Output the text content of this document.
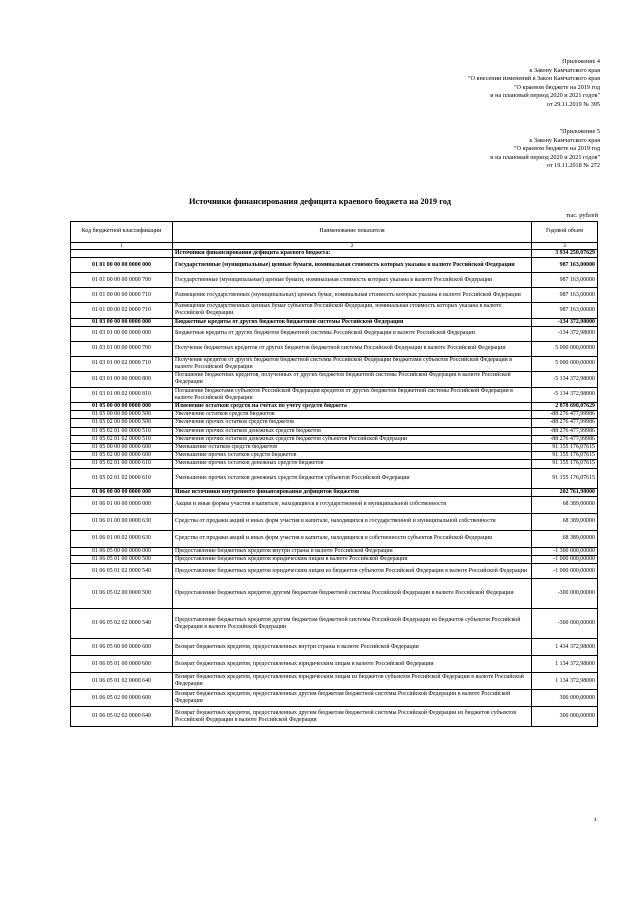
Приложение 4
к Закону Камчатского края
"О внесении изменений в Закон Камчатского края
"О краевом бюджете на 2019 год
и на плановый период 2020 и 2021 годов"
от 29.11.2019 № 395
"Приложение 5
к Закону Камчатского края
"О краевом бюджете на 2019 год
и на плановый период 2020 и 2021 годов"
от 19.11.2018 № 272
Источники финансирования дефицита краевого бюджета на 2019 год
тыс. рублей
Код бюджетной классификации	Наименование показателя	Годовой объем
1	2	3
	Источники финансирования дефицита краевого бюджета:	3 934 250,07629
01 01 00 00 00 0000 000	Государственные (муниципальные) ценные бумаги, номинальная стоимость которых указана в валюте Российской Федерации	987 163,00000
01 01 00 00 00 0000 700	Государственные (муниципальные) ценные бумаги, номинальная стоимость которых указана в валюте Российской Федерации	987 163,00000
01 01 00 00 00 0000 710	Размещение государственных (муниципальных) ценных бумаг, номинальная стоимость которых указана в валюте Российской Федерации	987 163,00000
01 01 00 00 02 0000 710	Размещение государственных ценных бумаг субъектов Российской Федерации, номинальная стоимость которых указана в валюте Российской Федерации	987 163,00000
01 03 00 00 00 0000 000	Бюджетные кредиты от других бюджетов бюджетной системы Российской Федерации	-134 372,98000
01 03 01 00 00 0000 000	Бюджетные кредиты от других бюджетов бюджетной системы Российской Федерации в валюте Российской Федерации	-134 372,98000
01 03 01 00 00 0000 700	Получение бюджетных кредитов от других бюджетов бюджетной системы Российской Федерации в валюте Российской Федерации	5 000 000,00000
01 03 01 00 02 0000 710	Получение кредитов от других бюджетов бюджетной системы Российской Федерации бюджетами субъектов Российской Федерации в валюте Российской Федерации	5 000 000,00000
01 03 01 00 00 0000 800	Погашение бюджетных кредитов, полученных от других бюджетов бюджетной системы Российской Федерации в валюте Российской Федерации	-5 134 372,98000
01 03 01 00 02 0000 810	Погашение бюджетами субъектов Российской Федерации кредитов от других бюджетов бюджетной системы Российской Федерации в валюте Российской Федерации	-5 134 372,98000
01 05 00 00 00 0000 000	Изменение остатков средств на счетах по учету средств бюджета	2 878 698,07629
01 05 00 00 00 0000 500	Увеличение остатков средств бюджетов	-88 276 477,99986
01 05 02 00 00 0000 500	Увеличение прочих остатков средств бюджетов	-88 276 477,99986
01 05 02 01 00 0000 510	Увеличение прочих остатков денежных средств бюджетов	-88 276 477,99986
01 05 02 01 02 0000 510	Увеличение прочих остатков денежных средств бюджетов субъектов Российской Федерации	-88 276 477,99986
01 05 00 00 00 0000 600	Уменьшение остатков средств бюджетов	91 155 176,07615
01 05 02 00 00 0000 600	Уменьшение прочих остатков средств бюджетов	91 155 176,07615
01 05 02 01 00 0000 610	Уменьшение прочих остатков денежных средств бюджетов	91 155 176,07615
01 05 02 01 02 0000 610	Уменьшение прочих остатков денежных средств бюджетов субъектов Российской Федерации	91 155 176,07615
01 06 00 00 00 0000 000	Иные источники внутреннего финансирования дефицитов бюджетов	202 761,98000
01 06 01 00 00 0000 000	Акции и иные формы участия в капитале, находящиеся в государственной и муниципальной собственности	68 389,00000
01 06 01 00 00 0000 630	Средства от продажи акций и иных форм участия в капитале, находящихся в государственной и муниципальной собственности	68 389,00000
01 06 01 00 02 0000 630	Средства от продажи акций и иных форм участия в капитале, находящихся в собственности субъектов Российской Федерации	68 389,00000
01 06 05 00 00 0000 000	Предоставление бюджетных кредитов внутри страны в валюте Российской Федерации	-1 300 000,00000
01 06 05 01 00 0000 500	Предоставление бюджетных кредитов юридическим лицам в валюте Российской Федерации	-1 000 000,00000
01 06 05 01 02 0000 540	Предоставление бюджетных кредитов юридическим лицам из бюджетов субъектов Российской Федерации в валюте Российской Федерации	-1 000 000,00000
01 06 05 02 00 0000 500	Предоставление бюджетных кредитов другим бюджетам бюджетной системы Российской Федерации в валюте Российской Федерации	-300 000,00000
01 06 05 02 02 0000 540	Предоставление бюджетных кредитов другим бюджетам бюджетной системы Российской Федерации из бюджетов субъектов Российской Федерации в валюте Российской Федерации	-300 000,00000
01 06 05 00 00 0000 600	Возврат бюджетных кредитов, предоставленных внутри страны в валюте Российской Федерации	1 434 372,98000
01 06 05 01 00 0000 600	Возврат бюджетных кредитов, предоставленных юридическим лицам в валюте Российской Федерации	1 134 372,98000
01 06 05 01 02 0000 640	Возврат бюджетных кредитов, предоставленных юридическим лицам из бюджетов субъектов Российской Федерации в валюте Российской Федерации	1 134 372,98000
01 06 05 02 00 0000 600	Возврат бюджетных кредитов, предоставленных другим бюджетам бюджетной системы Российской Федерации в валюте Российской Федерации	300 000,00000
01 06 05 02 02 0000 640	Возврат бюджетных кредитов, предоставленных другим бюджетам бюджетной системы Российской Федерации из бюджетов субъектов Российской Федерации в валюте Российской Федерации	300 000,00000
4
